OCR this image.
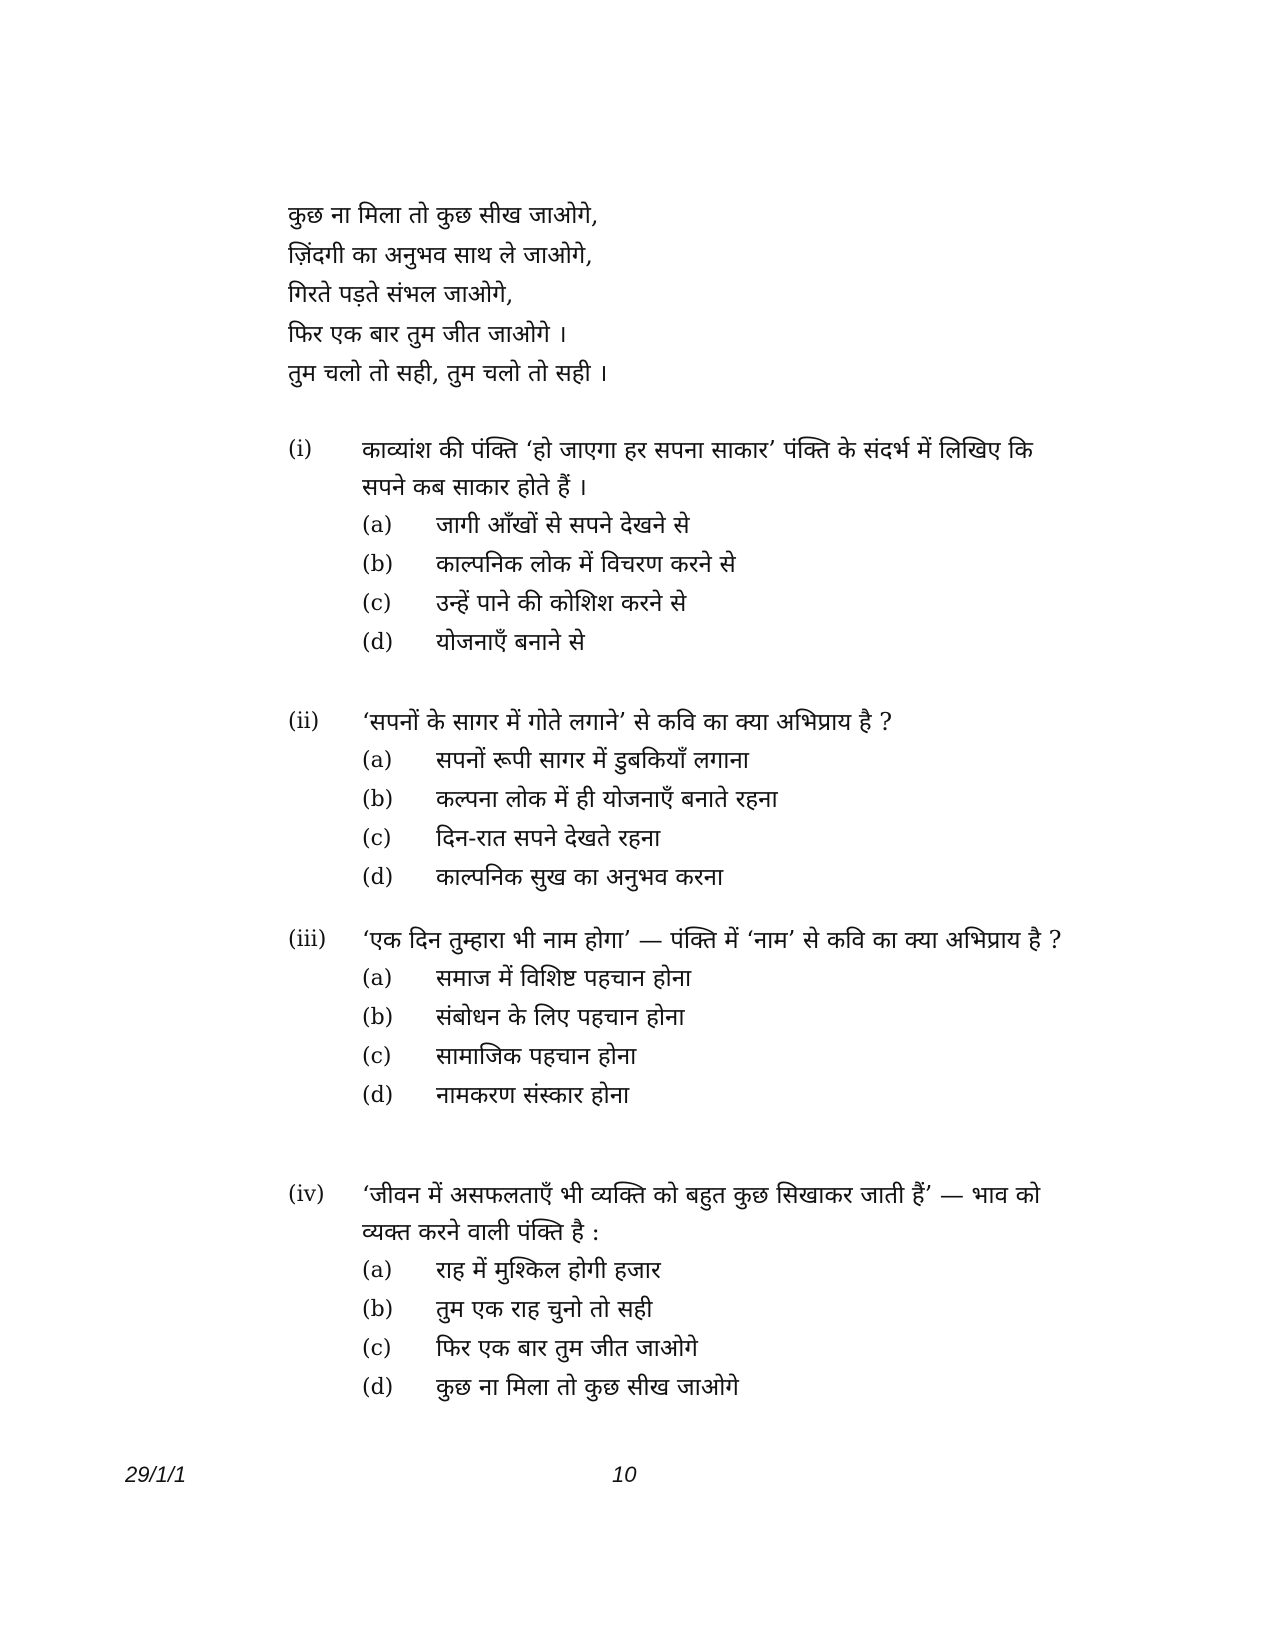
कुछ ना मिला तो कुछ सीख जाओगे,
ज़िंदगी का अनुभव साथ ले जाओगे,
गिरते पड़ते संभल जाओगे,
फिर एक बार तुम जीत जाओगे ।
तुम चलो तो सही, तुम चलो तो सही ।
(i) काव्यांश की पंक्ति ‘हो जाएगा हर सपना साकार’ पंक्ति के संदर्भ में लिखिए कि सपने कब साकार होते हैं ।
(a) जागी आँखों से सपने देखने से
(b) काल्पनिक लोक में विचरण करने से
(c) उन्हें पाने की कोशिश करने से
(d) योजनाएँ बनाने से
(ii) ‘सपनों के सागर में गोते लगाने’ से कवि का क्या अभिप्राय है ?
(a) सपनों रूपी सागर में डुबकियाँ लगाना
(b) कल्पना लोक में ही योजनाएँ बनाते रहना
(c) दिन-रात सपने देखते रहना
(d) काल्पनिक सुख का अनुभव करना
(iii) ‘एक दिन तुम्हारा भी नाम होगा’ — पंक्ति में ‘नाम’ से कवि का क्या अभिप्राय है ?
(a) समाज में विशिष्ट पहचान होना
(b) संबोधन के लिए पहचान होना
(c) सामाजिक पहचान होना
(d) नामकरण संस्कार होना
(iv) ‘जीवन में असफलताएँ भी व्यक्ति को बहुत कुछ सिखाकर जाती हैं’ — भाव को व्यक्त करने वाली पंक्ति है :
(a) राह में मुश्किल होगी हजार
(b) तुम एक राह चुनो तो सही
(c) फिर एक बार तुम जीत जाओगे
(d) कुछ ना मिला तो कुछ सीख जाओगे
29/1/1	10
